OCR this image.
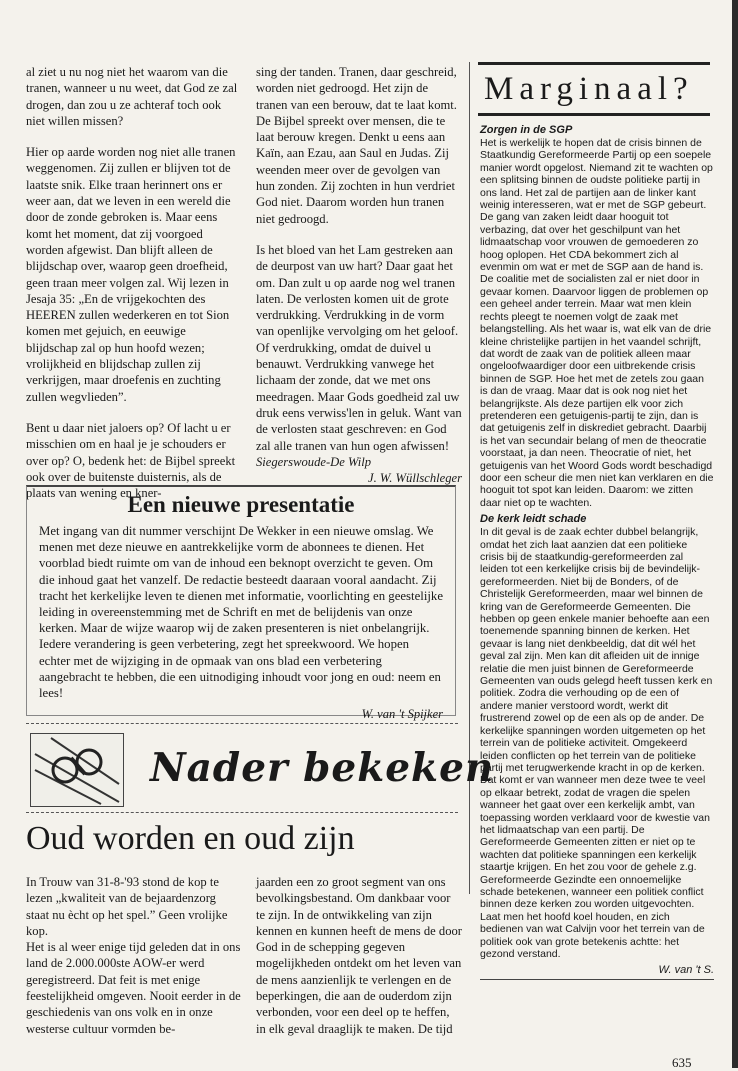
al ziet u nu nog niet het waarom van die tranen, wanneer u nu weet, dat God ze zal drogen, dan zou u ze achteraf toch ook niet willen missen?

Hier op aarde worden nog niet alle tranen weggenomen. Zij zullen er blijven tot de laatste snik. Elke traan herinnert ons er weer aan, dat we leven in een wereld die door de zonde gebroken is. Maar eens komt het moment, dat zij voorgoed worden afgewist. Dan blijft alleen de blijdschap over, waarop geen droefheid, geen traan meer volgen zal. Wij lezen in Jesaja 35: „En de vrijgekochten des HEEREN zullen wederkeren en tot Sion komen met gejuich, en eeuwige blijdschap zal op hun hoofd wezen; vrolijkheid en blijdschap zullen zij verkrijgen, maar droefenis en zuchting zullen wegvlieden”.

Bent u daar niet jaloers op? Of lacht u er misschien om en haal je je schouders er over op? O, bedenk het: de Bijbel spreekt ook over de buitenste duisternis, als de plaats van wening en kner-

sing der tanden. Tranen, daar geschreid, worden niet gedroogd. Het zijn de tranen van een berouw, dat te laat komt. De Bijbel spreekt over mensen, die te laat berouw kregen. Denkt u eens aan Kaïn, aan Ezau, aan Saul en Judas. Zij weenden meer over de gevolgen van hun zonden. Zij zochten in hun verdriet God niet. Daarom worden hun tranen niet gedroogd.

Is het bloed van het Lam gestreken aan de deurpost van uw hart? Daar gaat het om. Dan zult u op aarde nog wel tranen laten. De verlosten komen uit de grote verdrukking. Verdrukking in de vorm van openlijke vervolging om het geloof. Of verdrukking, omdat de duivel u benauwt. Verdrukking vanwege het lichaam der zonde, dat we met ons meedragen. Maar Gods goedheid zal uw druk eens verwiss'len in geluk. Want van de verlosten staat geschreven: en God zal alle tranen van hun ogen afwissen!

Siegerswoude-De Wilp
J. W. Wüllschleger
Marginaal?
Zorgen in de SGP

Het is werkelijk te hopen dat de crisis binnen de Staatkundig Gereformeerde Partij op een soepele manier wordt opgelost. Niemand zit te wachten op een splitsing binnen de oudste politieke partij in ons land. Het zal de partijen aan de linker kant weinig interesseren, wat er met de SGP gebeurt. De gang van zaken leidt daar hooguit tot verbazing, dat over het geschilpunt van het lidmaatschap voor vrouwen de gemoederen zo hoog oplopen. Het CDA bekommert zich al evenmin om wat er met de SGP aan de hand is. De coalitie met de socialisten zal er niet door in gevaar komen. Daarvoor liggen de problemen op een geheel ander terrein. Maar wat men klein rechts pleegt te noemen volgt de zaak met belangstelling. Als het waar is, wat elk van de drie kleine christelijke partijen in het vaandel schrijft, dat wordt de zaak van de politiek alleen maar ongeloofwaardiger door een uitbrekende crisis binnen de SGP. Hoe het met de zetels zou gaan is dan de vraag. Maar dat is ook nog niet het belangrijkste. Als deze partijen elk voor zich pretenderen een getuigenis-partij te zijn, dan is dat getuigenis zelf in diskrediet gebracht. Daarbij is het van secundair belang of men de theocratie voorstaat, ja dan neen. Theocratie of niet, het getuigenis van het Woord Gods wordt beschadigd door een scheur die men niet kan verklaren en die hooguit tot spot kan leiden. Daarom: we zitten daar niet op te wachten.

De kerk leidt schade

In dit geval is de zaak echter dubbel belangrijk, omdat het zich laat aanzien dat een politieke crisis bij de staatkundig-gereformeerden zal leiden tot een kerkelijke crisis bij de bevindelijk-gereformeerden. Niet bij de Bonders, of de Christelijk Gereformeerden, maar wel binnen de kring van de Gereformeerde Gemeenten. Die hebben op geen enkele manier behoefte aan een toenemende spanning binnen de kerken. Het gevaar is lang niet denkbeeldig, dat dit wél het geval zal zijn. Men kan dit afleiden uit de innige relatie die men juist binnen de Gereformeerde Gemeenten van ouds gelegd heeft tussen kerk en politiek. Zodra die verhouding op de een of andere manier verstoord wordt, werkt dit frustrerend zowel op de een als op de ander. De kerkelijke spanningen worden uitgemeten op het terrein van de politieke activiteit. Omgekeerd leiden conflicten op het terrein van de politieke partij met terugwerkende kracht in op de kerken. Dat komt er van wanneer men deze twee te veel op elkaar betrekt, zodat de vragen die spelen wanneer het gaat over een kerkelijk ambt, van toepassing worden verklaard voor de kwestie van het lidmaatschap van een partij. De Gereformeerde Gemeenten zitten er niet op te wachten dat politieke spanningen een kerkelijk staartje krijgen. En het zou voor de gehele z.g. Gereformeerde Gezindte een onnoemelijke schade betekenen, wanneer een politiek conflict binnen deze kerken zou worden uitgevochten. Laat men het hoofd koel houden, en zich bedienen van wat Calvijn voor het terrein van de politiek ook van grote betekenis achtte: het gezond verstand.

W. van 't S.
Een nieuwe presentatie
Met ingang van dit nummer verschijnt De Wekker in een nieuwe omslag. We menen met deze nieuwe en aantrekkelijke vorm de abonnees te dienen. Het voorblad biedt ruimte om van de inhoud een beknopt overzicht te geven. Om die inhoud gaat het vanzelf. De redactie besteedt daaraan vooral aandacht. Zij tracht het kerkelijke leven te dienen met informatie, voorlichting en geestelijke leiding in overeenstemming met de Schrift en met de belijdenis van onze kerken. Maar de wijze waarop wij de zaken presenteren is niet onbelangrijk. Iedere verandering is geen verbetering, zegt het spreekwoord. We hopen echter met de wijziging in de opmaak van ons blad een verbetering aangebracht te hebben, die een uitnodiging inhoudt voor jong en oud: neem en lees!
W. van 't Spijker
Nader bekeken
Oud worden en oud zijn

In Trouw van 31-8-'93 stond de kop te lezen „kwaliteit van de bejaardenzorg staat nu ècht op het spel.” Geen vrolijke kop.

Het is al weer enige tijd geleden dat in ons land de 2.000.000ste AOW-er werd geregistreerd. Dat feit is met enige feestelijkheid omgeven. Nooit eerder in de geschiedenis van ons volk en in onze westerse cultuur vormden be-

jaarden een zo groot segment van ons bevolkingsbestand. Om dankbaar voor te zijn. In de ontwikkeling van zijn kennen en kunnen heeft de mens de door God in de schepping gegeven mogelijkheden ontdekt om het leven van de mens aanzienlijk te verlengen en de beperkingen, die aan de ouderdom zijn verbonden, voor een deel op te heffen, in elk geval draaglijk te maken. De tijd

635
